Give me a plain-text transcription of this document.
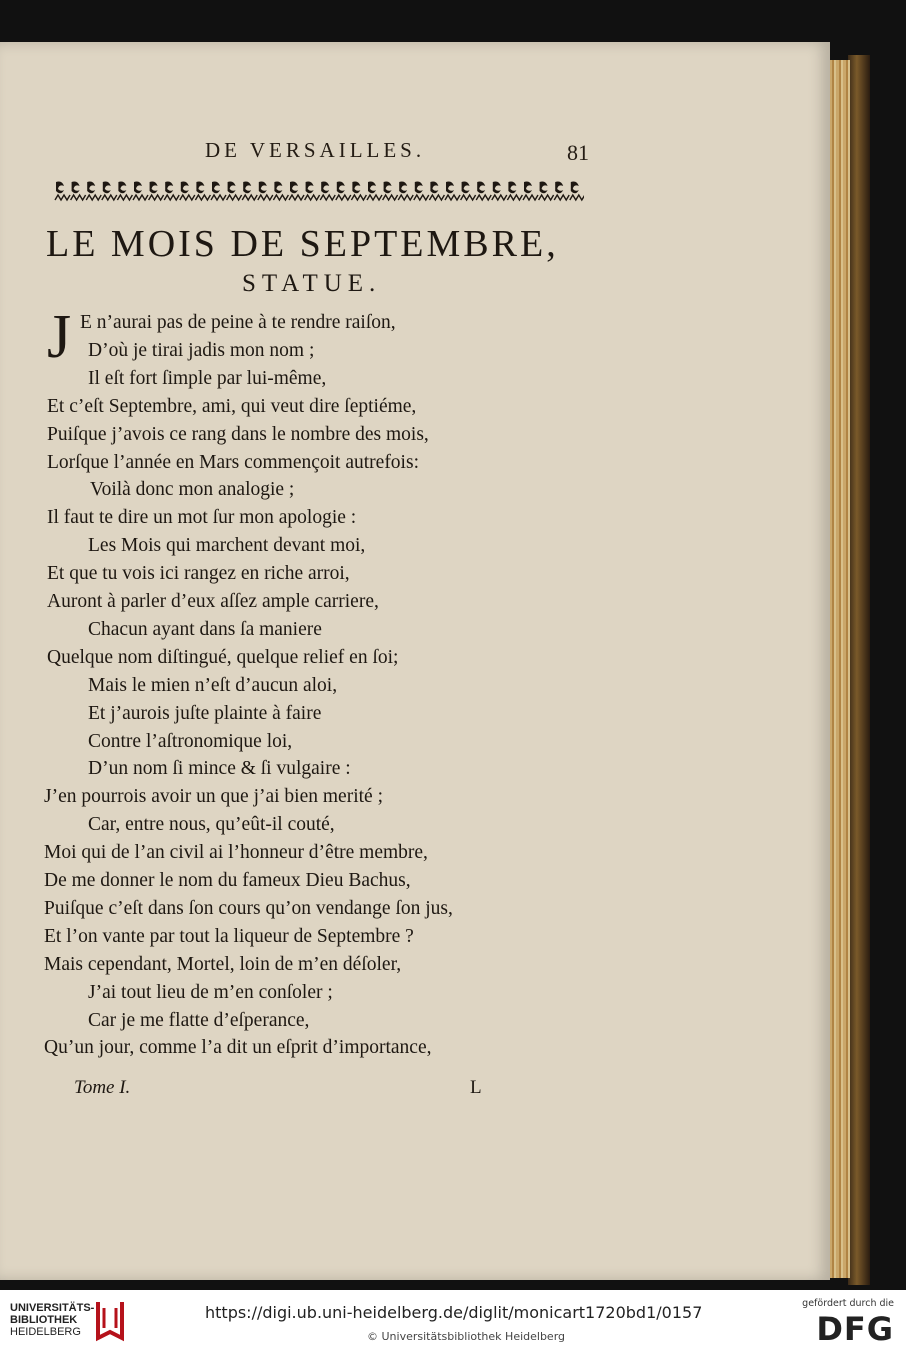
DE VERSAILLES.	81
LE MOIS DE SEPTEMBRE,
STATUE.
J E n’aurai pas de peine à te rendre raiſon,
D’où je tirai jadis mon nom ;
Il eſt fort ſimple par lui-même,
Et c’eſt Septembre, ami, qui veut dire ſeptiéme,
Puiſque j’avois ce rang dans le nombre des mois,
Lorſque l’année en Mars commençoit autrefois:
Voilà donc mon analogie ;
Il faut te dire un mot ſur mon apologie :
Les Mois qui marchent devant moi,
Et que tu vois ici rangez en riche arroi,
Auront à parler d’eux aſſez ample carriere,
Chacun ayant dans ſa maniere
Quelque nom diſtingué, quelque relief en ſoi;
Mais le mien n’eſt d’aucun aloi,
Et j’aurois juſte plainte à faire
Contre l’aſtronomique loi,
D’un nom ſi mince & ſi vulgaire :
J’en pourrois avoir un que j’ai bien merité ;
Car, entre nous, qu’eût-il couté,
Moi qui de l’an civil ai l’honneur d’être membre,
De me donner le nom du fameux Dieu Bachus,
Puiſque c’eſt dans ſon cours qu’on vendange ſon jus,
Et l’on vante par tout la liqueur de Septembre ?
Mais cependant, Mortel, loin de m’en déſoler,
J’ai tout lieu de m’en conſoler ;
Car je me flatte d’eſperance,
Qu’un jour, comme l’a dit un eſprit d’importance,
Tome I.	L
UNIVERSITÄTS-
BIBLIOTHEK
HEIDELBERG
https://digi.ub.uni-heidelberg.de/diglit/monicart1720bd1/0157
© Universitätsbibliothek Heidelberg
gefördert durch die
DFG
